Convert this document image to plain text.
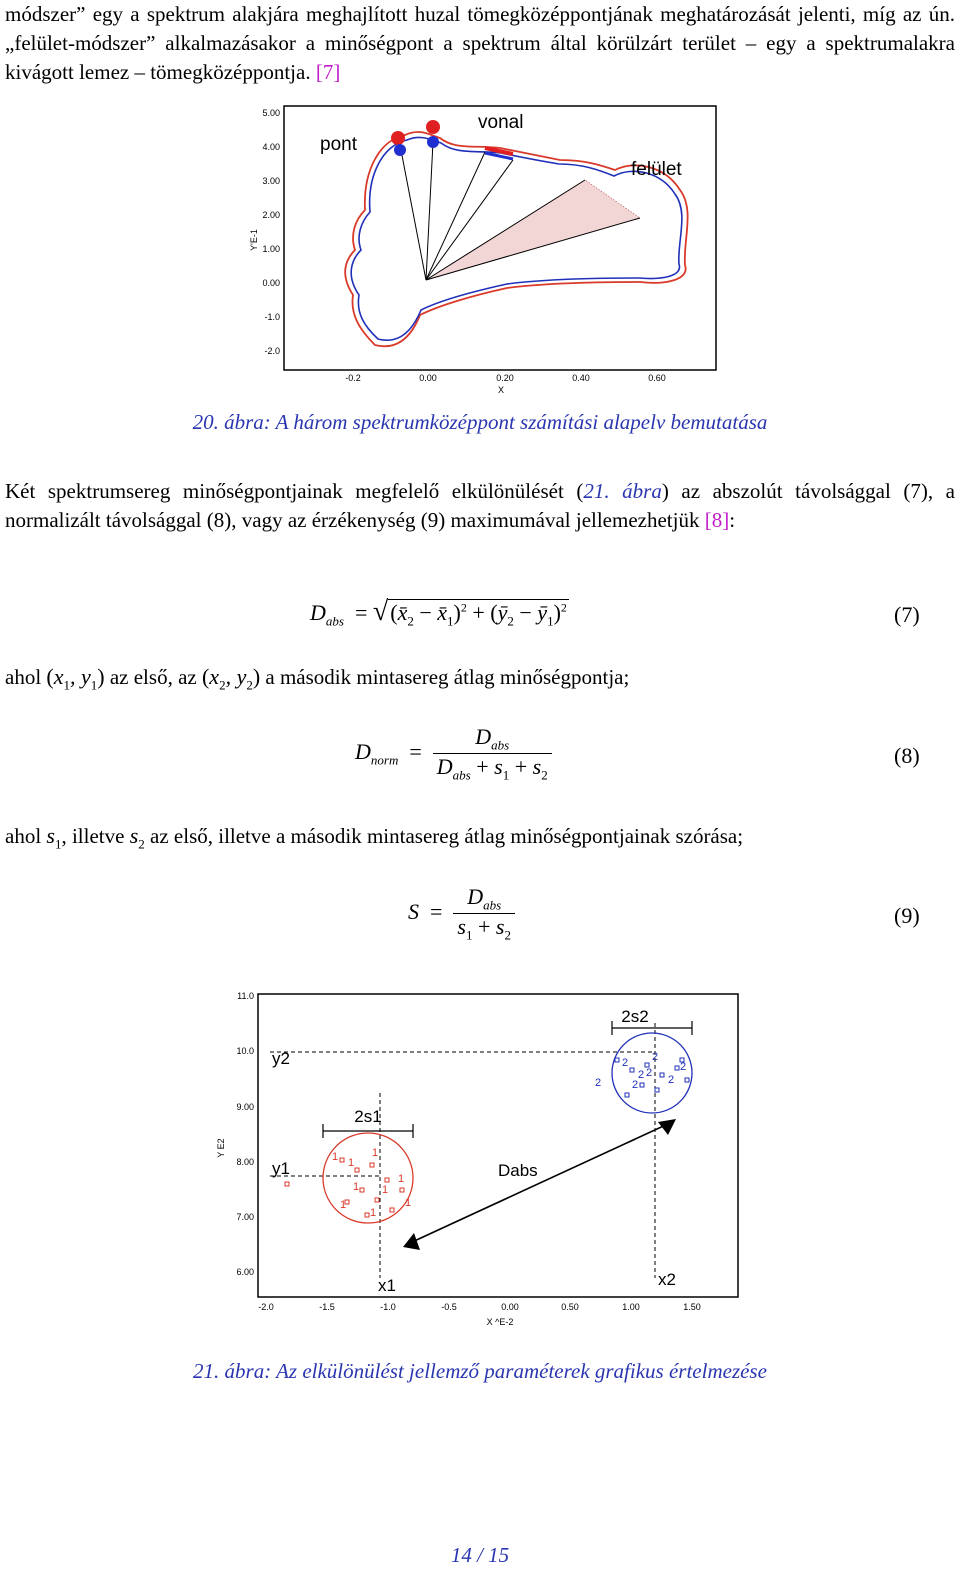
módszer” egy a spektrum alakjára meghajlított huzal tömegközéppontjának meghatározását jelenti, míg az ún. „felület-módszer” alkalmazásakor a minőségpont a spektrum által körülzárt terület – egy a spektrumalakra kivágott lemez – tömegközéppontja. [7]
5.00
4.00
3.00
2.00
1.00
0.00
-1.0
-2.0
-0.2	0.00	0.20	0.40	0.60
X
Y'E-1
pont
vonal
felület
20. ábra: A három spektrumközéppont számítási alapelv bemutatása
Két spektrumsereg minőségpontjainak megfelelő elkülönülését (21. ábra) az abszolút távolsággal (7), a normalizált távolsággal (8), vagy az érzékenység (9) maximumával jellemezhetjük [8]:
$D_{abs}$  = $√(x̄_2$ − $x̄_1)^2$ + ($ȳ_2$ − $ȳ_1)^2$	(7)
ahol ($x_1$, $y_1$) az első, az ($x_2$, $y_2$) a második mintasereg átlag minőségpontja;
$D_{norm} = \frac{D_{abs}}{D_{abs} + s_1 + s_2}$	(8)
ahol $s_1$, illetve $s_2$ az első, illetve a második mintasereg átlag minőségpontjainak szórása;
$S = \frac{D_{abs}}{s_1 + s_2}$	(9)
11.0
10.0
9.00
8.00
7.00
6.00
-2.0	-1.5	-1.0	-0.5	0.00	0.50	1.00	1.50
X ^E-2
Y E2	1 1
1
1
1 1
1
1
1
2
2
2
2
2
2	2
2
2s2
2s1
y2
y1
x1	x2
Dabs
21. ábra: Az elkülönülést jellemző paraméterek grafikus értelmezése
14 / 15
